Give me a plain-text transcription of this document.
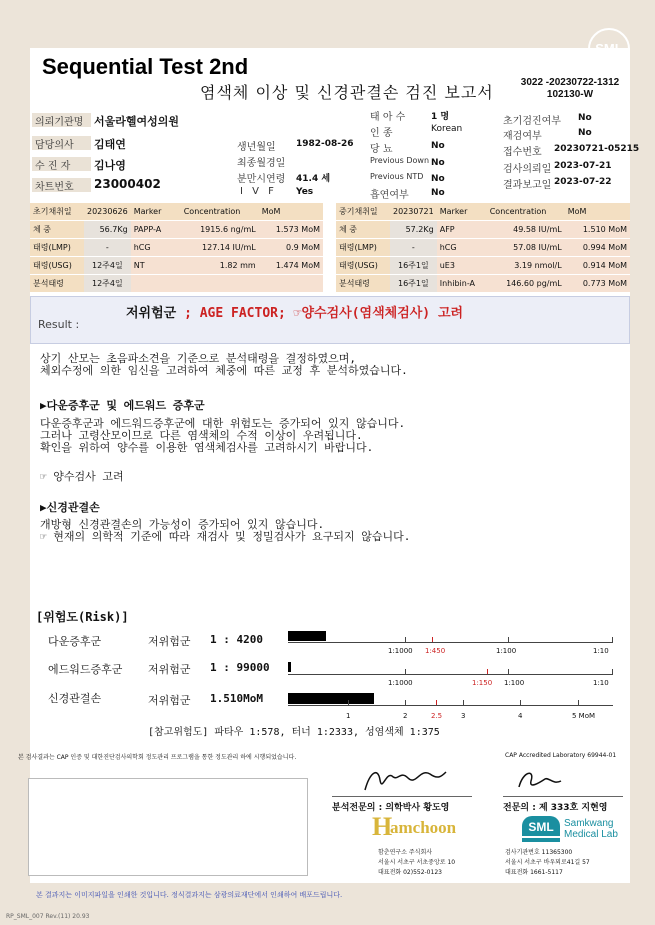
Sequential Test 2nd
염색체 이상 및 신경관결손 검진 보고서
3022 -20230722-1312
102130-W
의뢰기관명 서울라헬여성의원
담당의사	김태연
수 진 자	김나영
차트번호	23000402
생년월일 1982-08-26
최종월경일
분만시연령 41.4 세
I V F Yes
태 아 수	1 명
인 종	Korean
당 뇨	No
Previous Down No
Previous NTD No
흡연여부 No
초기검진여부 No
재검여부	No
접수번호 20230721-05215
검사의뢰일 2023-07-21
결과보고일 2023-07-22
초기채취일	20230626	Marker	Concentration	MoM
체 중	56.7Kg	PAPP-A	1915.6 ng/mL	1.573 MoM
태령(LMP)	-	hCG	127.14 IU/mL	0.9 MoM
태령(USG)	12주4일	NT	1.82 mm	1.474 MoM
분석태령	12주4일			
중기채취일	20230721	Marker	Concentration	MoM
체 중	57.2Kg	AFP	49.58 IU/mL	1.510 MoM
태령(LMP)	-	hCG	57.08 IU/mL	0.994 MoM
태령(USG)	16주1일	uE3	3.19 nmol/L	0.914 MoM
분석태령	16주1일	Inhibin-A	146.60 pg/mL	0.773 MoM
Result :
저위험군 ; AGE FACTOR; ☞양수검사(염색체검사) 고려
상기 산모는 초음파소견을 기준으로 분석태령을 결정하였으며,
체외수정에 의한 임신을 고려하여 체중에 따른 교정 후 분석하였습니다.
▶다운증후군 및 에드워드 증후군
다운증후군과 에드워드증후군에 대한 위험도는 증가되어 있지 않습니다.
그러나 고령산모이므로 다른 염색체의 수적 이상이 우려됩니다.
확인을 위하여 양수를 이용한 염색체검사를 고려하시기 바랍니다.
☞ 양수검사 고려
▶신경관결손
개방형 신경관결손의 가능성이 증가되어 있지 않습니다.
☞ 현재의 의학적 기준에 따라 재검사 및 정밀검사가 요구되지 않습니다.
[위험도(Risk)]
다운증후군	저위험군 1 : 4200
에드워드증후군 저위험군 1 : 99000
신경관결손	저위험군 1.510MoM
1:1000 1:450	1:100	1:10
1:1000	1:150 1:100	1:10
1	2	2.5	3	4	5 MoM
[참고위험도] 파타우 1:578, 터너 1:2333, 성염색체 1:375
본 검사결과는 CAP 인증 및 대한진단검사의학회 정도관리 프로그램을 통한 정도관리 하에 시행되었습니다.	CAP Accredited Laboratory 69944-01
분석전문의 : 의학박사 황도영	전문의 : 제 333호 지현영
H
amchoon
함춘연구소 주식회사
서울시 서초구 서초중앙로 10
대표전화 02)552-0123
SML	Samkwang
Medical Lab
검사기관번호 11365300
서울시 서초구 바우뫼로41길 57
대표전화 1661-5117
본 결과지는 이미지파일을 인쇄한 것입니다. 정식결과지는 삼광의료재단에서 인쇄하여 배포드립니다.
RP_SML_007 Rev.(11) 20.93
